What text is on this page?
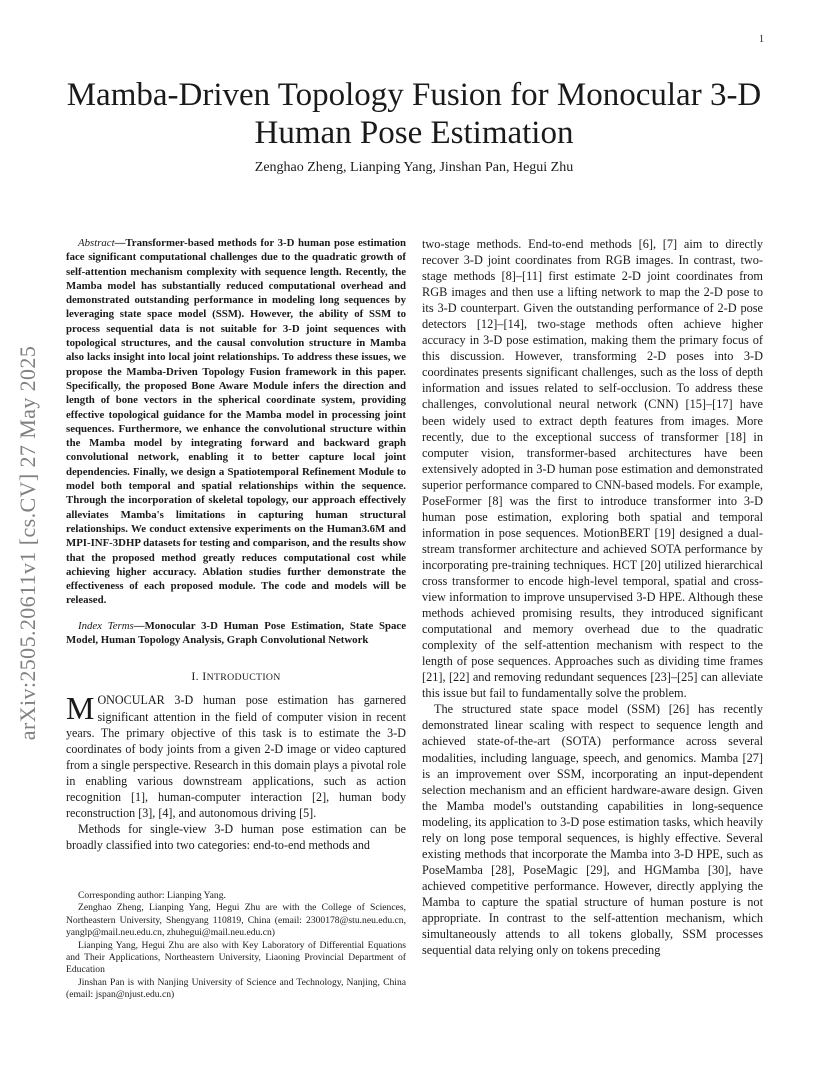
1
arXiv:2505.20611v1 [cs.CV] 27 May 2025
Mamba-Driven Topology Fusion for Monocular 3-D Human Pose Estimation
Zenghao Zheng, Lianping Yang, Jinshan Pan, Hegui Zhu

Abstract—Transformer-based methods for 3-D human pose estimation face significant computational challenges due to the quadratic growth of self-attention mechanism complexity with sequence length. Recently, the Mamba model has substantially reduced computational overhead and demonstrated outstanding performance in modeling long sequences by leveraging state space model (SSM). However, the ability of SSM to process sequential data is not suitable for 3-D joint sequences with topological structures, and the causal convolution structure in Mamba also lacks insight into local joint relationships. To address these issues, we propose the Mamba-Driven Topology Fusion framework in this paper. Specifically, the proposed Bone Aware Module infers the direction and length of bone vectors in the spherical coordinate system, providing effective topological guidance for the Mamba model in processing joint sequences. Furthermore, we enhance the convolutional structure within the Mamba model by integrating forward and backward graph convolutional network, enabling it to better capture local joint dependencies. Finally, we design a Spatiotemporal Refinement Module to model both temporal and spatial relationships within the sequence. Through the incorporation of skeletal topology, our approach effectively alleviates Mamba's limitations in capturing human structural relationships. We conduct extensive experiments on the Human3.6M and MPI-INF-3DHP datasets for testing and comparison, and the results show that the proposed method greatly reduces computational cost while achieving higher accuracy. Ablation studies further demonstrate the effectiveness of each proposed module. The code and models will be released.

Index Terms—Monocular 3-D Human Pose Estimation, State Space Model, Human Topology Analysis, Graph Convolutional Network

I. INTRODUCTION

MONOCULAR 3-D human pose estimation has garnered significant attention in the field of computer vision in recent years. The primary objective of this task is to estimate the 3-D coordinates of body joints from a given 2-D image or video captured from a single perspective. Research in this domain plays a pivotal role in enabling various downstream applications, such as action recognition [1], human-computer interaction [2], human body reconstruction [3], [4], and autonomous driving [5].

Methods for single-view 3-D human pose estimation can be broadly classified into two categories: end-to-end methods and

Corresponding author: Lianping Yang.

Zenghao Zheng, Lianping Yang, Hegui Zhu are with the College of Sciences, Northeastern University, Shengyang 110819, China (email: 2300178@stu.neu.edu.cn, yanglp@mail.neu.edu.cn, zhuhegui@mail.neu.edu.cn)

Lianping Yang, Hegui Zhu are also with Key Laboratory of Differential Equations and Their Applications, Northeastern University, Liaoning Provincial Department of Education

Jinshan Pan is with Nanjing University of Science and Technology, Nanjing, China (email: jspan@njust.edu.cn)

two-stage methods. End-to-end methods [6], [7] aim to directly recover 3-D joint coordinates from RGB images. In contrast, two-stage methods [8]–[11] first estimate 2-D joint coordinates from RGB images and then use a lifting network to map the 2-D pose to its 3-D counterpart. Given the outstanding performance of 2-D pose detectors [12]–[14], two-stage methods often achieve higher accuracy in 3-D pose estimation, making them the primary focus of this discussion. However, transforming 2-D poses into 3-D coordinates presents significant challenges, such as the loss of depth information and issues related to self-occlusion. To address these challenges, convolutional neural network (CNN) [15]–[17] have been widely used to extract depth features from images. More recently, due to the exceptional success of transformer [18] in computer vision, transformer-based architectures have been extensively adopted in 3-D human pose estimation and demonstrated superior performance compared to CNN-based models. For example, PoseFormer [8] was the first to introduce transformer into 3-D human pose estimation, exploring both spatial and temporal information in pose sequences. MotionBERT [19] designed a dual-stream transformer architecture and achieved SOTA performance by incorporating pre-training techniques. HCT [20] utilized hierarchical cross transformer to encode high-level temporal, spatial and cross-view information to improve unsupervised 3-D HPE. Although these methods achieved promising results, they introduced significant computational and memory overhead due to the quadratic complexity of the self-attention mechanism with respect to the length of pose sequences. Approaches such as dividing time frames [21], [22] and removing redundant sequences [23]–[25] can alleviate this issue but fail to fundamentally solve the problem.

The structured state space model (SSM) [26] has recently demonstrated linear scaling with respect to sequence length and achieved state-of-the-art (SOTA) performance across several modalities, including language, speech, and genomics. Mamba [27] is an improvement over SSM, incorporating an input-dependent selection mechanism and an efficient hardware-aware design. Given the Mamba model's outstanding capabilities in long-sequence modeling, its application to 3-D pose estimation tasks, which heavily rely on long pose temporal sequences, is highly effective. Several existing methods that incorporate the Mamba into 3-D HPE, such as PoseMamba [28], PoseMagic [29], and HGMamba [30], have achieved competitive performance. However, directly applying the Mamba to capture the spatial structure of human posture is not appropriate. In contrast to the self-attention mechanism, which simultaneously attends to all tokens globally, SSM processes sequential data relying only on tokens preceding
